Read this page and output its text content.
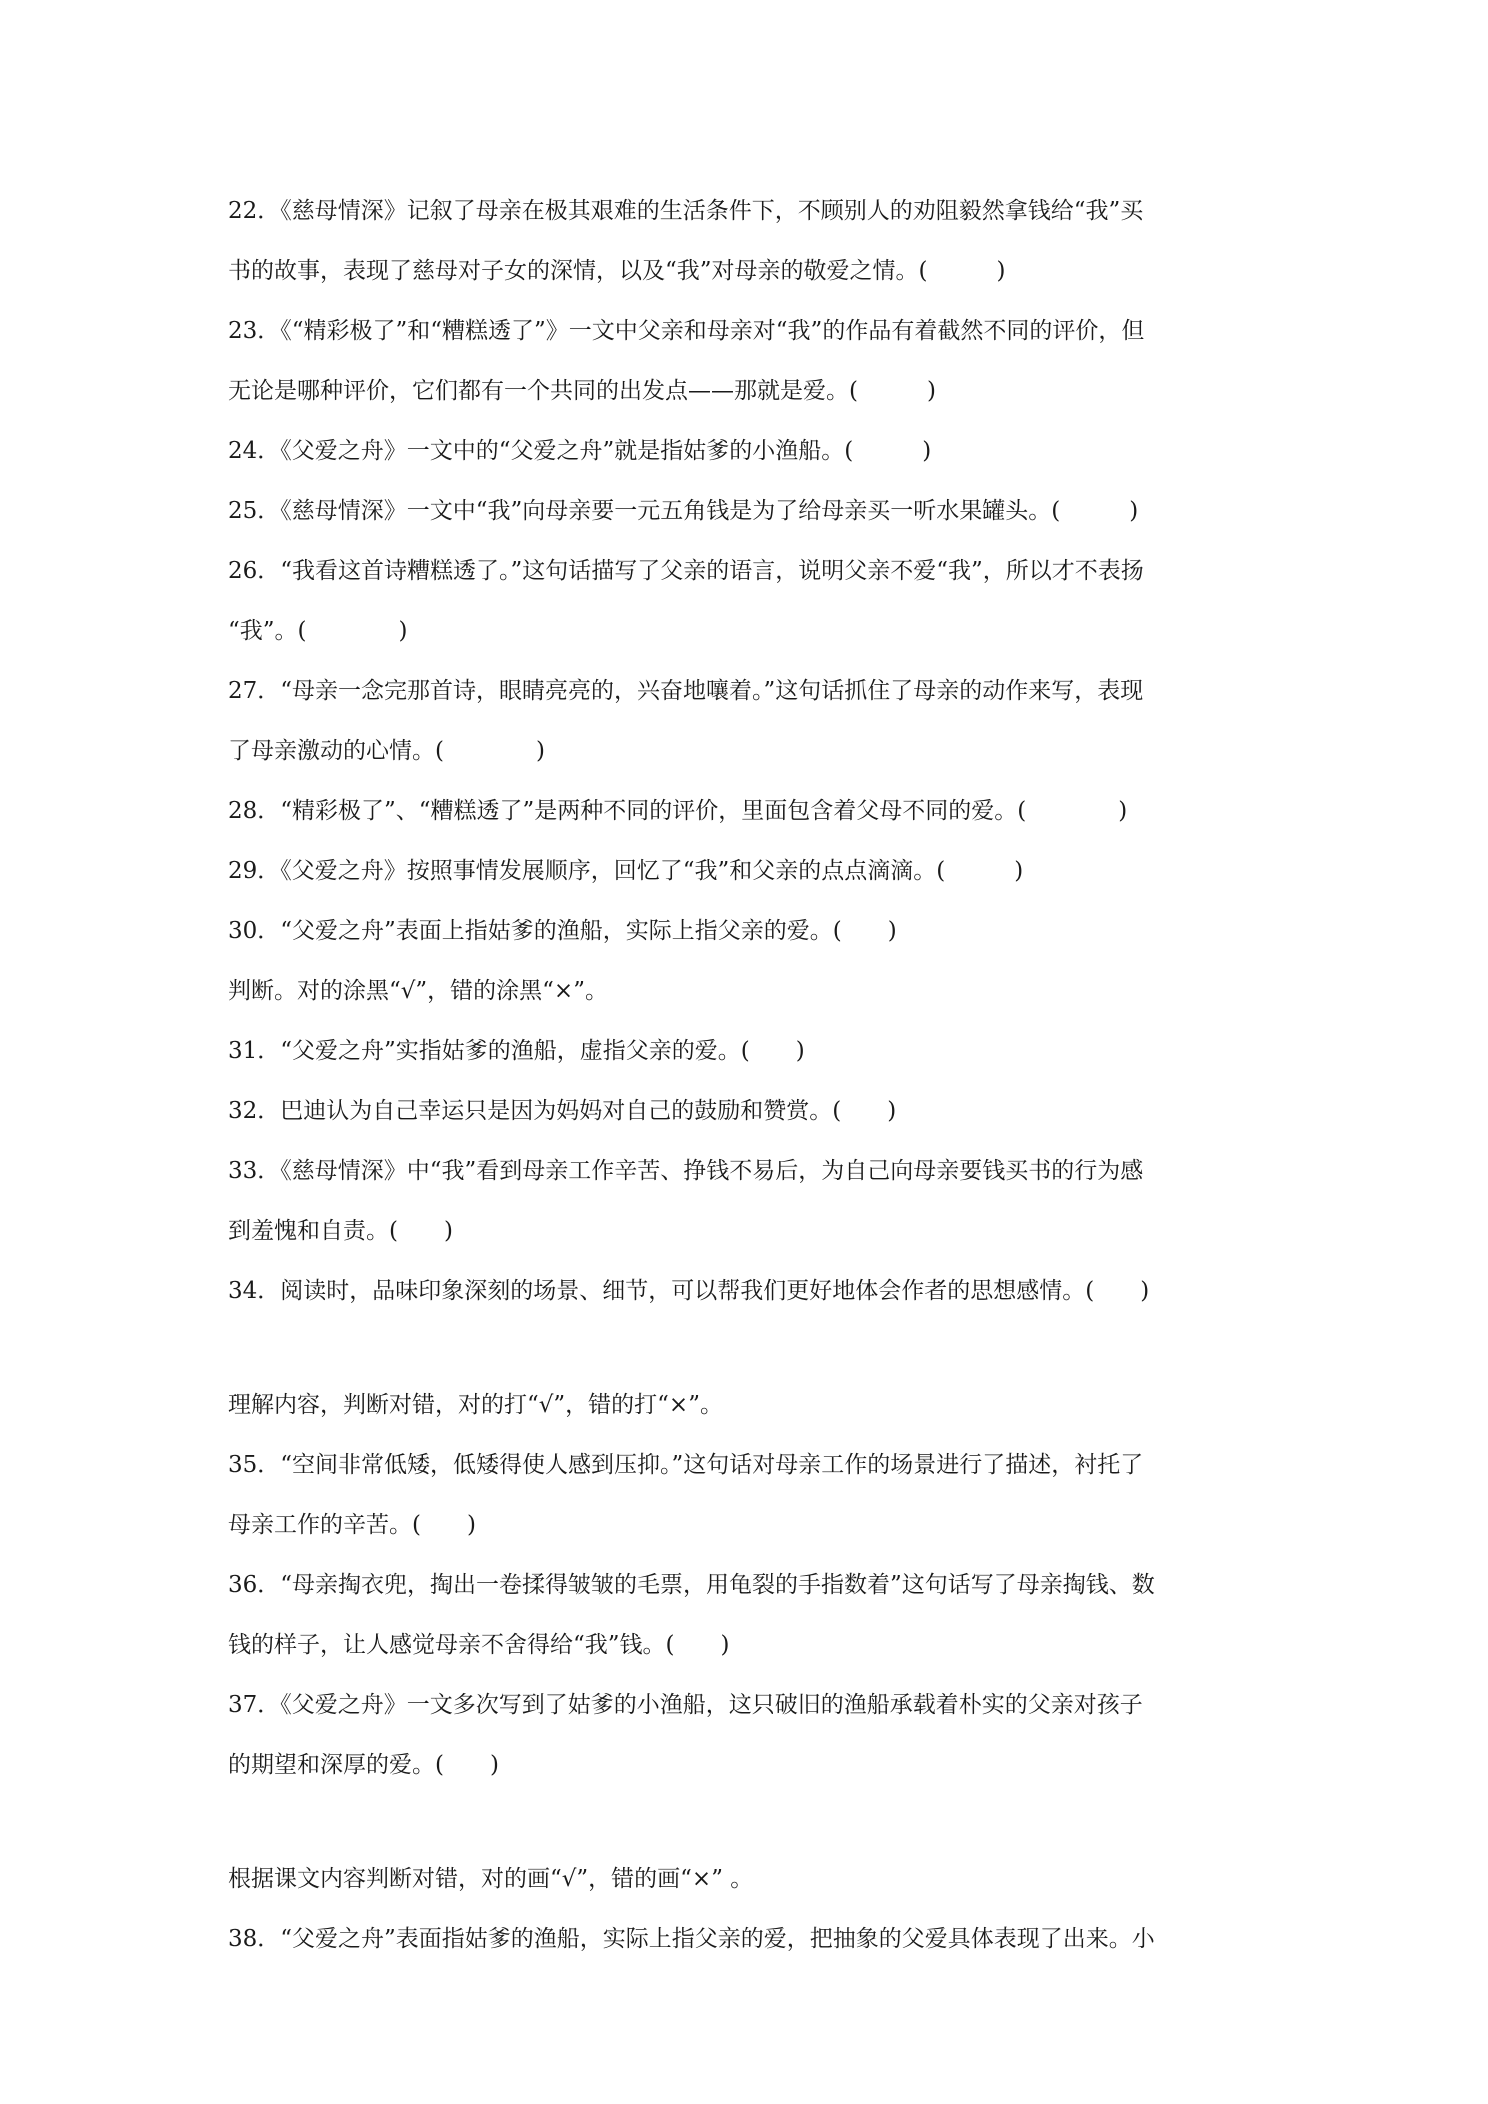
22．《慈母情深》记叙了母亲在极其艰难的生活条件下，不顾别人的劝阻毅然拿钱给“我”买
书的故事，表现了慈母对子女的深情，以及“我”对母亲的敬爱之情。(　　　)
23．《“精彩极了”和“糟糕透了”》一文中父亲和母亲对“我”的作品有着截然不同的评价，但
无论是哪种评价，它们都有一个共同的出发点——那就是爱。(　　　)
24．《父爱之舟》一文中的“父爱之舟”就是指姑爹的小渔船。(　　　)
25．《慈母情深》一文中“我”向母亲要一元五角钱是为了给母亲买一听水果罐头。(　　　)
26．“我看这首诗糟糕透了。”这句话描写了父亲的语言，说明父亲不爱“我”，所以才不表扬
“我”。(　　　　)
27．“母亲一念完那首诗，眼睛亮亮的，兴奋地嚷着。”这句话抓住了母亲的动作来写，表现
了母亲激动的心情。(　　　　)
28．“精彩极了”、“糟糕透了”是两种不同的评价，里面包含着父母不同的爱。(　　　　)
29．《父爱之舟》按照事情发展顺序，回忆了“我”和父亲的点点滴滴。(　　　)
30．“父爱之舟”表面上指姑爹的渔船，实际上指父亲的爱。(　　)
判断。对的涂黑“√”，错的涂黑“×”。
31．“父爱之舟”实指姑爹的渔船，虚指父亲的爱。(　　)
32．巴迪认为自己幸运只是因为妈妈对自己的鼓励和赞赏。(　　)
33．《慈母情深》中“我”看到母亲工作辛苦、挣钱不易后，为自己向母亲要钱买书的行为感
到羞愧和自责。(　　)
34．阅读时，品味印象深刻的场景、细节，可以帮我们更好地体会作者的思想感情。(　　)
理解内容，判断对错，对的打“√”，错的打“×”。
35．“空间非常低矮，低矮得使人感到压抑。”这句话对母亲工作的场景进行了描述，衬托了
母亲工作的辛苦。(　　)
36．“母亲掏衣兜，掏出一卷揉得皱皱的毛票，用龟裂的手指数着”这句话写了母亲掏钱、数
钱的样子，让人感觉母亲不舍得给“我”钱。(　　)
37．《父爱之舟》一文多次写到了姑爹的小渔船，这只破旧的渔船承载着朴实的父亲对孩子
的期望和深厚的爱。(　　)
根据课文内容判断对错，对的画“√”，错的画“×” 。
38．“父爱之舟”表面指姑爹的渔船，实际上指父亲的爱，把抽象的父爱具体表现了出来。小
